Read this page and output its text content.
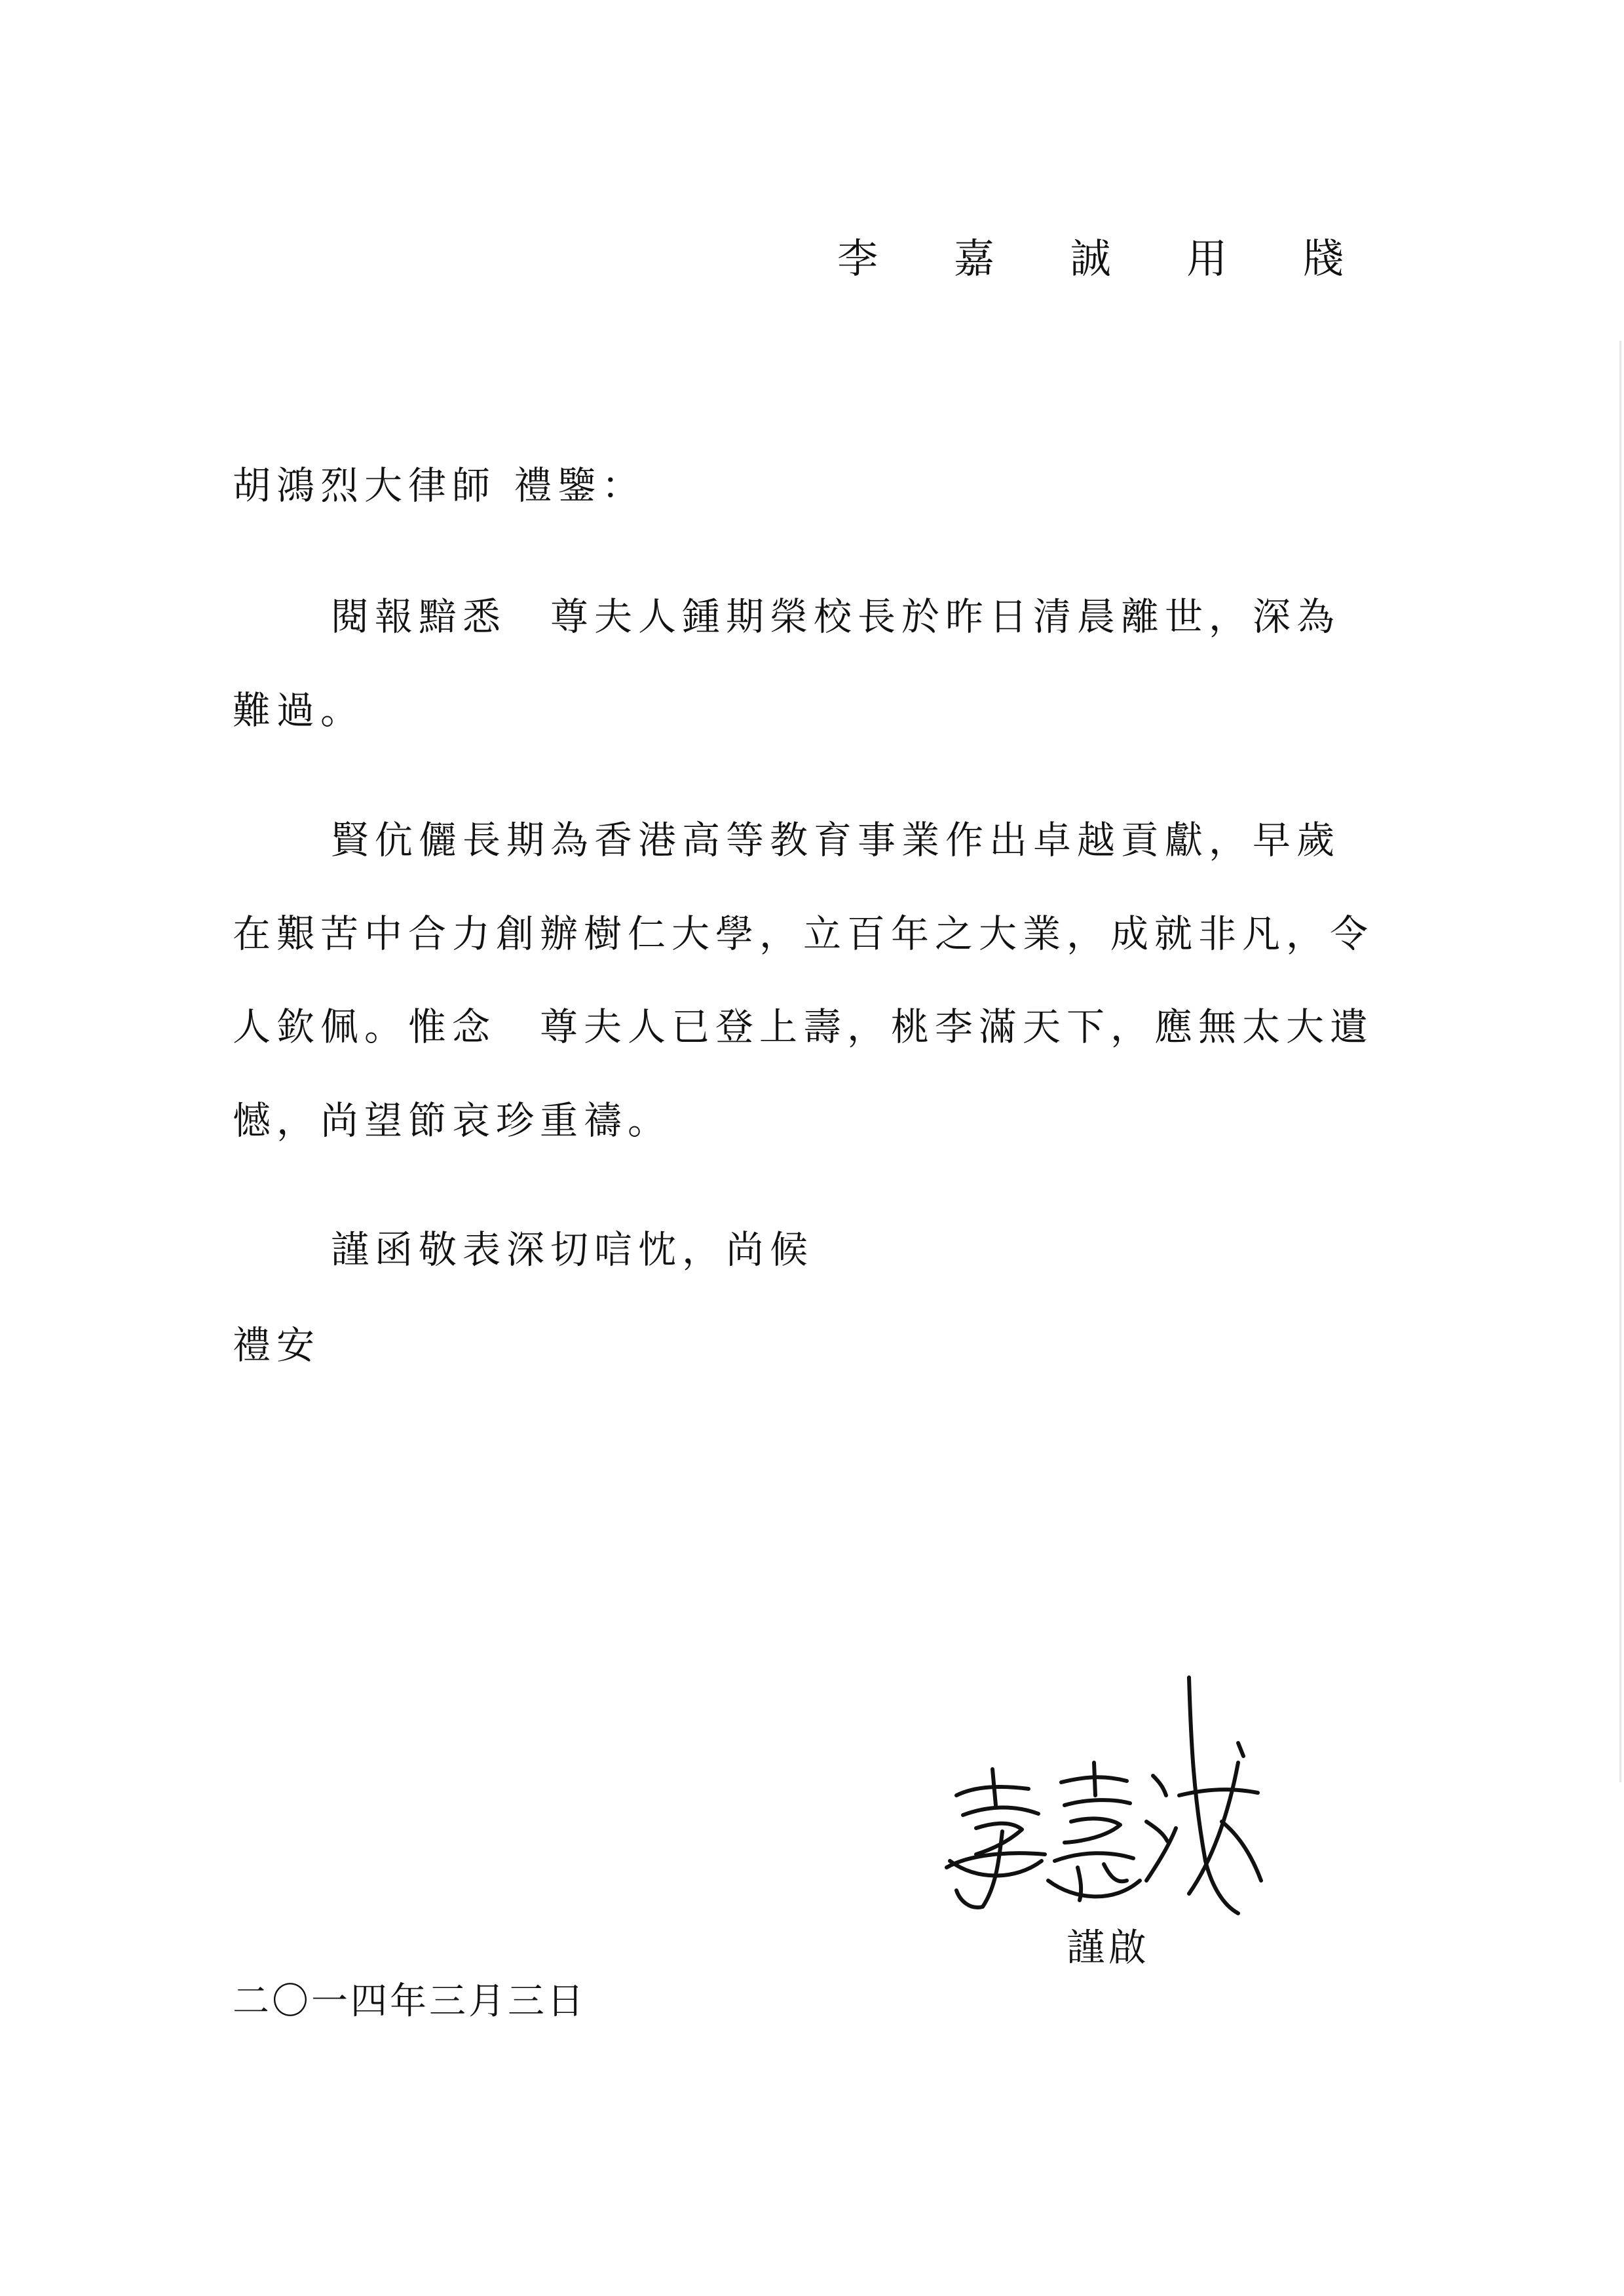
李 嘉 誠 用 牋
胡鴻烈大律師 禮鑒：
閱報黯悉　尊夫人鍾期榮校長於昨日清晨離世，深為
難過。
賢伉儷長期為香港高等教育事業作出卓越貢獻，早歲
在艱苦中合力創辦樹仁大學，立百年之大業，成就非凡，令
人欽佩。惟念　尊夫人已登上壽，桃李滿天下，應無太大遺
憾，尚望節哀珍重禱。
謹函敬表深切唁忱，尚候
禮安
謹啟
二〇一四年三月三日
